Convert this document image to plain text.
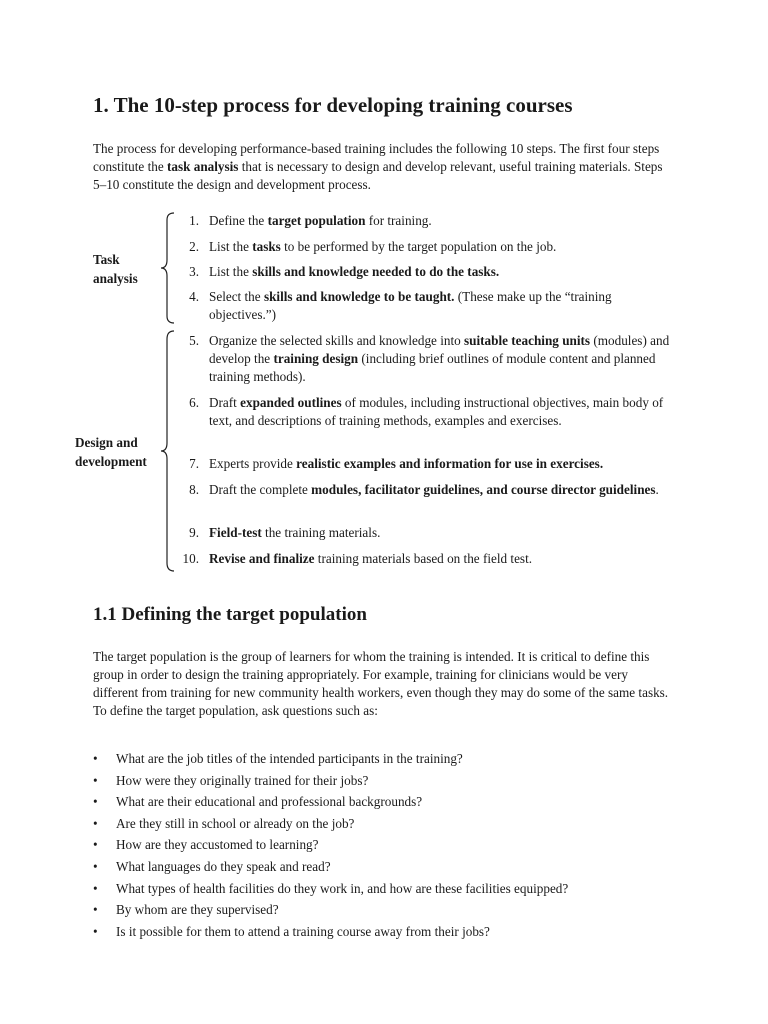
1. The 10-step process for developing training courses

The process for developing performance-based training includes the following 10 steps. The first four steps constitute the task analysis that is necessary to design and develop relevant, useful training materials. Steps 5–10 constitute the design and development process.

Task analysis
Design and development
1. Define the target population for training.
2. List the tasks to be performed by the target population on the job.
3. List the skills and knowledge needed to do the tasks.
4. Select the skills and knowledge to be taught. (These make up the “training objectives.”)
5. Organize the selected skills and knowledge into suitable teaching units (modules) and develop the training design (including brief outlines of module content and planned training methods).
6. Draft expanded outlines of modules, including instructional objectives, main body of text, and descriptions of training methods, examples and exercises.
7. Experts provide realistic examples and information for use in exercises.
8. Draft the complete modules, facilitator guidelines, and course director guidelines.
9. Field-test the training materials.
10. Revise and finalize training materials based on the field test.
1.1 Defining the target population

The target population is the group of learners for whom the training is intended. It is critical to define this group in order to design the training appropriately. For example, training for clinicians would be very different from training for new community health workers, even though they may do some of the same tasks. To define the target population, ask questions such as:

• What are the job titles of the intended participants in the training?
• How were they originally trained for their jobs?
• What are their educational and professional backgrounds?
• Are they still in school or already on the job?
• How are they accustomed to learning?
• What languages do they speak and read?
• What types of health facilities do they work in, and how are these facilities equipped?
• By whom are they supervised?
• Is it possible for them to attend a training course away from their jobs?
